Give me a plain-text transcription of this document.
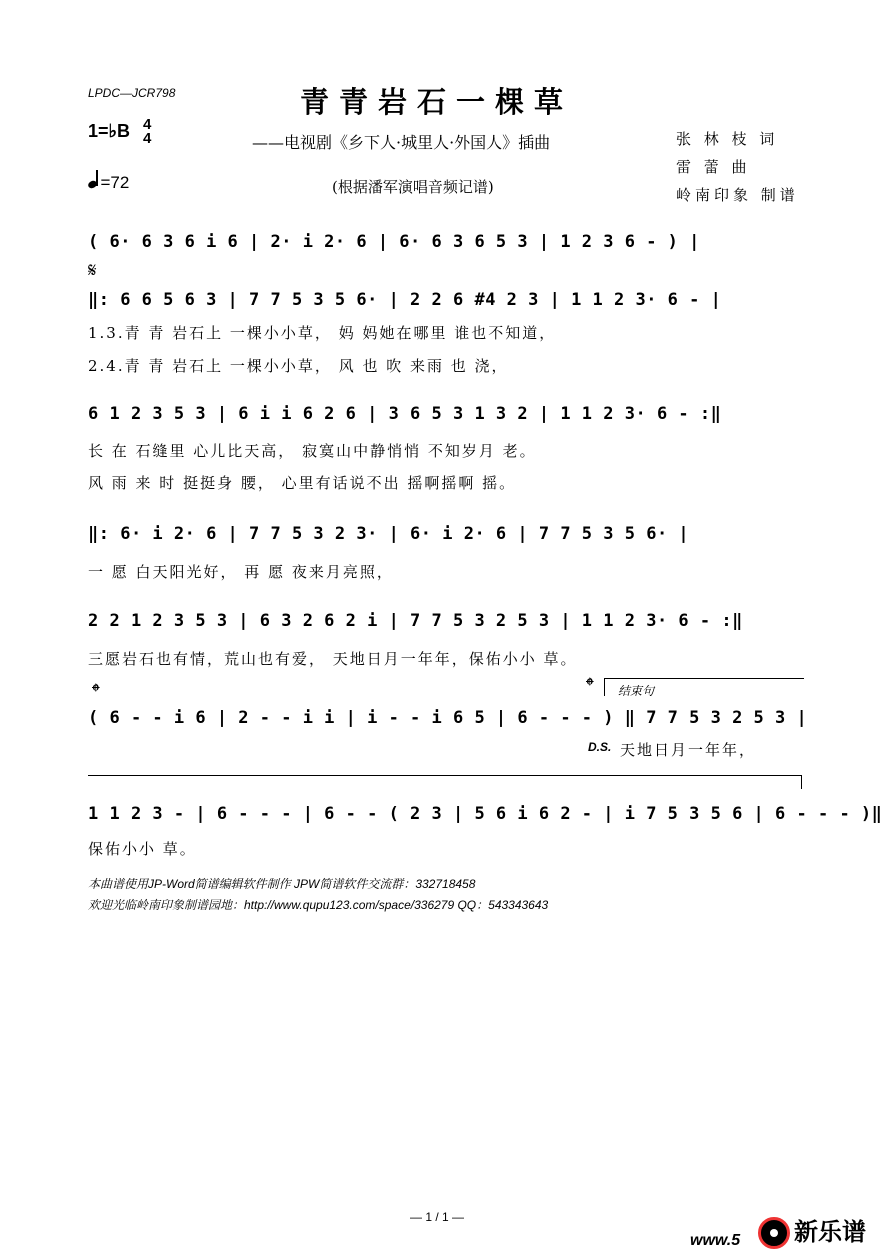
LPDC—JCR798	青青岩石一棵草
1=♭B 4
4
=72
——电视剧《乡下人·城里人·外国人》插曲
(根据潘军演唱音频记谱)
张 林 枝 词
雷 蕾 曲
岭南印象 制谱
( 6· 6 3 6 i 6 | 2· i 2· 6 | 6· 6 3 6 5 3 | 1 2 3 6 - ) |
𝄋
‖: 6 6 5 6 3 | 7 7 5 3 5 6· | 2 2 6 #4 2 3 | 1 1 2 3· 6 - |
1.3.青 青 岩石上 一棵小小草， 妈 妈她在哪里 谁也不知道，
2.4.青 青 岩石上 一棵小小草， 风 也 吹 来雨 也 浇，
6 1 2 3 5 3 | 6 i i 6 2 6 | 3 6 5 3 1 3 2 | 1 1 2 3· 6 - :‖
长 在 石缝里 心儿比天高， 寂寞山中静悄悄 不知岁月 老。
风 雨 来 时 挺挺身 腰， 心里有话说不出 摇啊摇啊 摇。
‖: 6· i 2· 6 | 7 7 5 3 2 3· | 6· i 2· 6 | 7 7 5 3 5 6· |
一 愿 白天阳光好， 再 愿 夜来月亮照，
2 2 1 2 3 5 3 | 6 3 2 6 2 i | 7 7 5 3 2 5 3 | 1 1 2 3· 6 - :‖
三愿岩石也有情，荒山也有爱， 天地日月一年年，保佑小小 草。
𝄌	𝄌 结束句
( 6 - - i 6 | 2 - - i i | i - - i 6 5 | 6 - - - ) ‖ 7 7 5 3 2 5 3 |
D.S. 天地日月一年年，
1 1 2 3 - | 6 - - - | 6 - - ( 2 3 | 5 6 i 6 2 - | i 7 5 3 5 6 | 6 - - - )‖
保佑小小 草。
本曲谱使用JP-Word简谱编辑软件制作 JPW简谱软件交流群：332718458
欢迎光临岭南印象制谱园地：http://www.qupu123.com/space/336279 QQ：543343643
— 1 / 1 —
www.5	新乐谱
